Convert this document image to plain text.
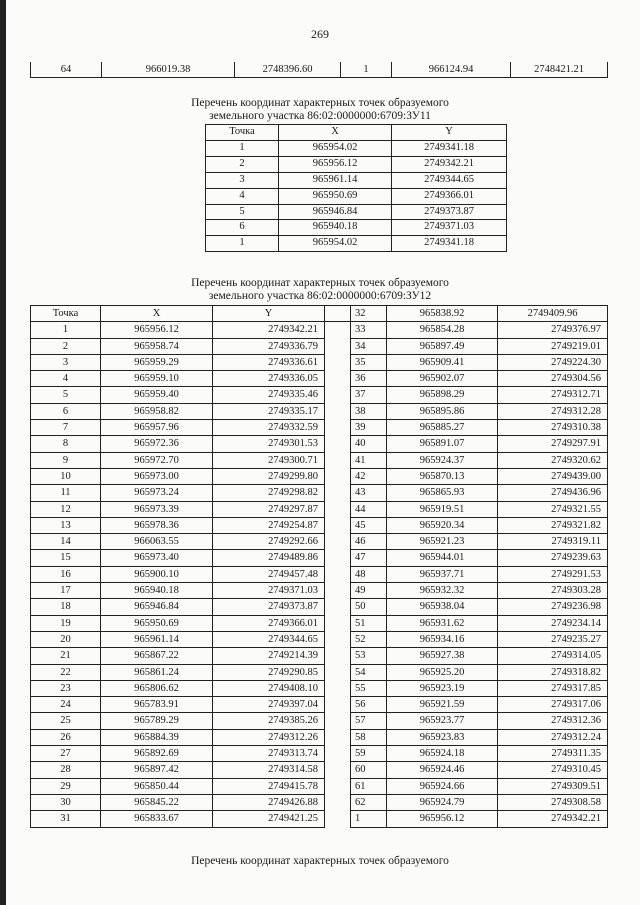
269
64	966019.38	2748396.60	1	966124.94	2748421.21
Перечень координат характерных точек образуемого
земельного участка 86:02:0000000:6709:ЗУ11
Точка	X	Y
1	965954.02	2749341.18
2	965956.12	2749342.21
3	965961.14	2749344.65
4	965950.69	2749366.01
5	965946.84	2749373.87
6	965940.18	2749371.03
1	965954.02	2749341.18
Перечень координат характерных точек образуемого
земельного участка 86:02:0000000:6709:ЗУ12
Точка	X	Y		32	965838.92	2749409.96
1	965956.12	2749342.21		33	965854.28	2749376.97
2	965958.74	2749336.79		34	965897.49	2749219.01
3	965959.29	2749336.61		35	965909.41	2749224.30
4	965959.10	2749336.05		36	965902.07	2749304.56
5	965959.40	2749335.46		37	965898.29	2749312.71
6	965958.82	2749335.17		38	965895.86	2749312.28
7	965957.96	2749332.59		39	965885.27	2749310.38
8	965972.36	2749301.53		40	965891.07	2749297.91
9	965972.70	2749300.71		41	965924.37	2749320.62
10	965973.00	2749299.80		42	965870.13	2749439.00
11	965973.24	2749298.82		43	965865.93	2749436.96
12	965973.39	2749297.87		44	965919.51	2749321.55
13	965978.36	2749254.87		45	965920.34	2749321.82
14	966063.55	2749292.66		46	965921.23	2749319.11
15	965973.40	2749489.86		47	965944.01	2749239.63
16	965900.10	2749457.48		48	965937.71	2749291.53
17	965940.18	2749371.03		49	965932.32	2749303.28
18	965946.84	2749373.87		50	965938.04	2749236.98
19	965950.69	2749366.01		51	965931.62	2749234.14
20	965961.14	2749344.65		52	965934.16	2749235.27
21	965867.22	2749214.39		53	965927.38	2749314.05
22	965861.24	2749290.85		54	965925.20	2749318.82
23	965806.62	2749408.10		55	965923.19	2749317.85
24	965783.91	2749397.04		56	965921.59	2749317.06
25	965789.29	2749385.26		57	965923.77	2749312.36
26	965884.39	2749312.26		58	965923.83	2749312.24
27	965892.69	2749313.74		59	965924.18	2749311.35
28	965897.42	2749314.58		60	965924.46	2749310.45
29	965850.44	2749415.78		61	965924.66	2749309.51
30	965845.22	2749426.88		62	965924.79	2749308.58
31	965833.67	2749421.25		1	965956.12	2749342.21
Перечень координат характерных точек образуемого
